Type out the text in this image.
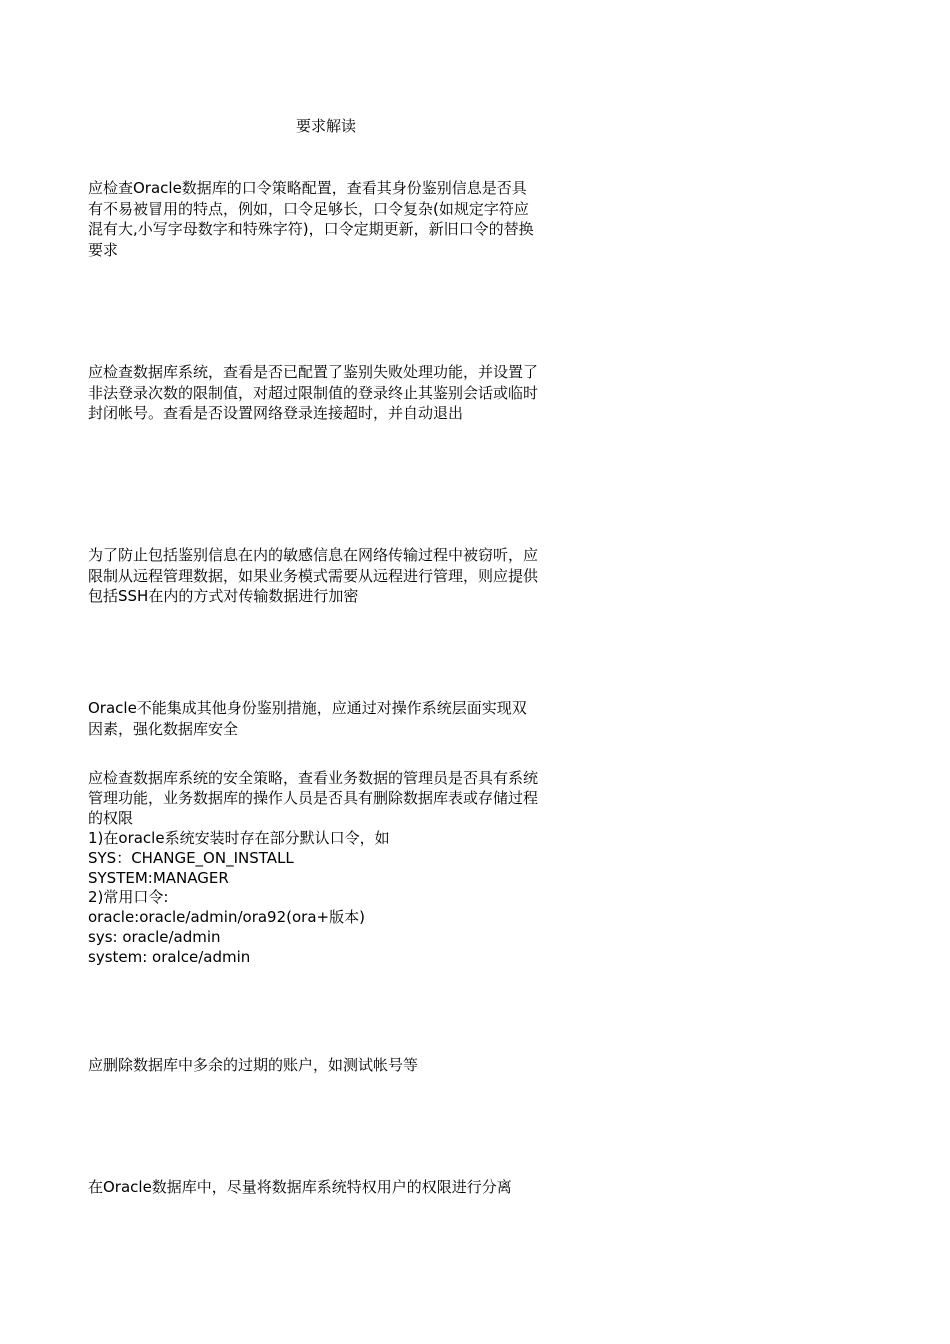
要求解读
应检查Oracle数据库的口令策略配置，查看其身份鉴别信息是否具
有不易被冒用的特点，例如，口令足够长，口令复杂(如规定字符应
混有大,小写字母数字和特殊字符)，口令定期更新，新旧口令的替换
要求
应检查数据库系统，查看是否已配置了鉴别失败处理功能，并设置了
非法登录次数的限制值，对超过限制值的登录终止其鉴别会话或临时
封闭帐号。查看是否设置网络登录连接超时，并自动退出
为了防止包括鉴别信息在内的敏感信息在网络传输过程中被窃听，应
限制从远程管理数据，如果业务模式需要从远程进行管理，则应提供
包括SSH在内的方式对传输数据进行加密
Oracle不能集成其他身份鉴别措施，应通过对操作系统层面实现双
因素，强化数据库安全
应检查数据库系统的安全策略，查看业务数据的管理员是否具有系统
管理功能，业务数据库的操作人员是否具有删除数据库表或存储过程
的权限
1)在oracle系统安装时存在部分默认口令，如
SYS：CHANGE_ON_INSTALL
SYSTEM:MANAGER
2)常用口令:
oracle:oracle/admin/ora92(ora+版本)
sys: oracle/admin
system: oralce/admin
应删除数据库中多余的过期的账户，如测试帐号等
在Oracle数据库中，尽量将数据库系统特权用户的权限进行分离
